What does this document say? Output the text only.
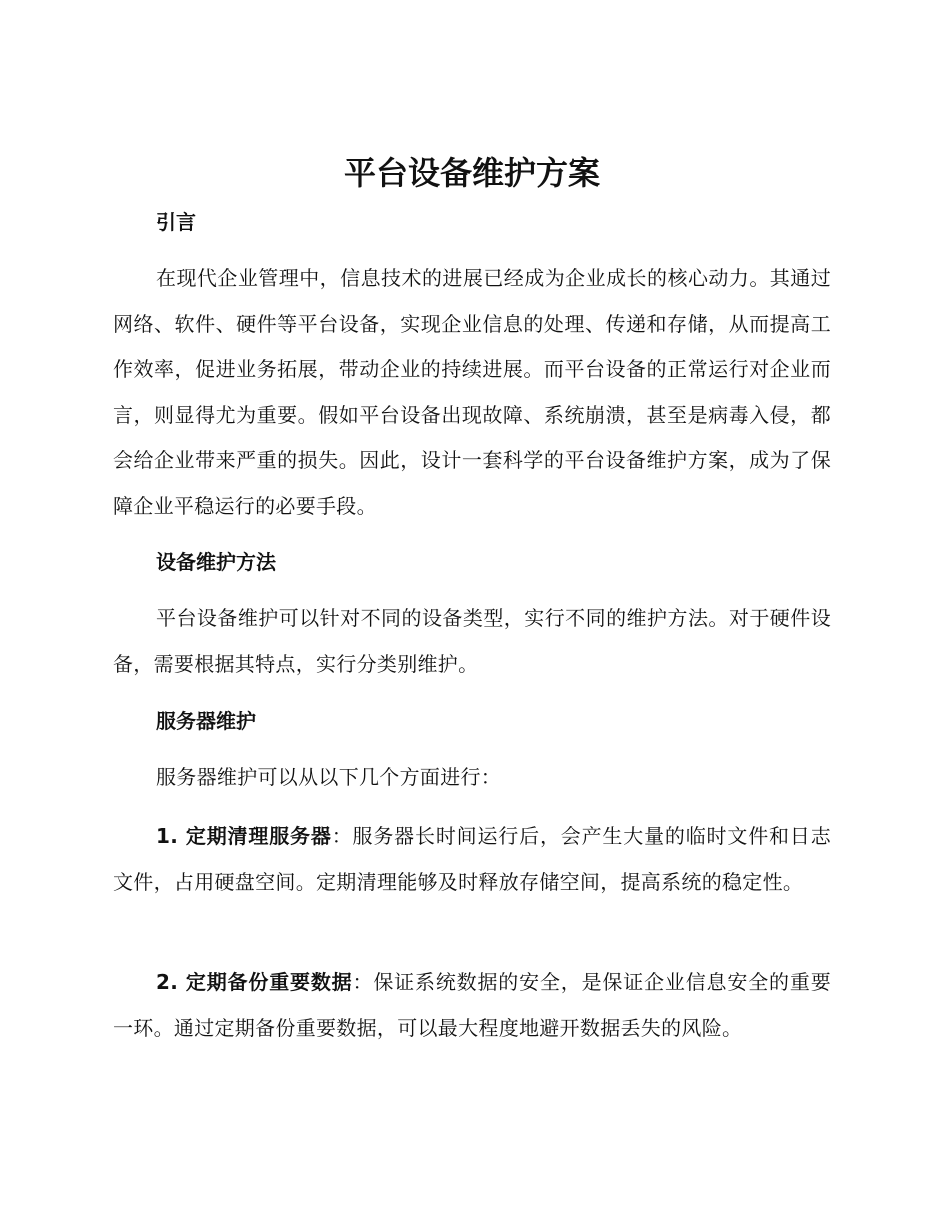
平台设备维护方案
引言

在现代企业管理中，信息技术的进展已经成为企业成长的核心动力。其通过网络、软件、硬件等平台设备，实现企业信息的处理、传递和存储，从而提高工作效率，促进业务拓展，带动企业的持续进展。而平台设备的正常运行对企业而言，则显得尤为重要。假如平台设备出现故障、系统崩溃，甚至是病毒入侵，都会给企业带来严重的损失。因此，设计一套科学的平台设备维护方案，成为了保障企业平稳运行的必要手段。

设备维护方法

平台设备维护可以针对不同的设备类型，实行不同的维护方法。对于硬件设备，需要根据其特点，实行分类别维护。

服务器维护

服务器维护可以从以下几个方面进行：

1. 定期清理服务器：服务器长时间运行后，会产生大量的临时文件和日志文件，占用硬盘空间。定期清理能够及时释放存储空间，提高系统的稳定性。

2. 定期备份重要数据：保证系统数据的安全，是保证企业信息安全的重要一环。通过定期备份重要数据，可以最大程度地避开数据丢失的风险。
